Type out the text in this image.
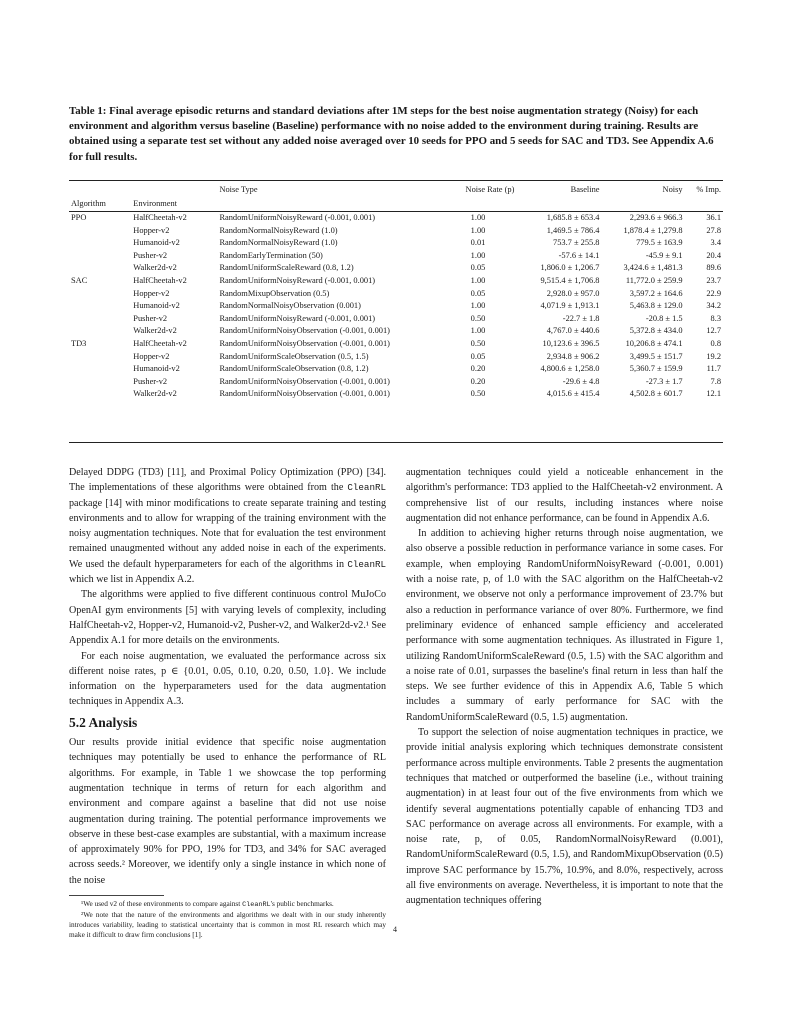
Table 1: Final average episodic returns and standard deviations after 1M steps for the best noise augmentation strategy (Noisy) for each environment and algorithm versus baseline (Baseline) performance with no noise added to the environment during training. Results are obtained using a separate test set without any added noise averaged over 10 seeds for PPO and 5 seeds for SAC and TD3. See Appendix A.6 for full results.

		Noise Type	Noise Rate (p)	Baseline	Noisy	% Imp.
Algorithm	Environment					
PPO	HalfCheetah-v2	RandomUniformNoisyReward (-0.001, 0.001)	1.00	1,685.8 ± 653.4	2,293.6 ± 966.3	36.1
	Hopper-v2	RandomNormalNoisyReward (1.0)	1.00	1,469.5 ± 786.4	1,878.4 ± 1,279.8	27.8
	Humanoid-v2	RandomNormalNoisyReward (1.0)	0.01	753.7 ± 255.8	779.5 ± 163.9	3.4
	Pusher-v2	RandomEarlyTermination (50)	1.00	-57.6 ± 14.1	-45.9 ± 9.1	20.4
	Walker2d-v2	RandomUniformScaleReward (0.8, 1.2)	0.05	1,806.0 ± 1,206.7	3,424.6 ± 1,481.3	89.6
SAC	HalfCheetah-v2	RandomUniformNoisyReward (-0.001, 0.001)	1.00	9,515.4 ± 1,706.8	11,772.0 ± 259.9	23.7
	Hopper-v2	RandomMixupObservation (0.5)	0.05	2,928.0 ± 957.0	3,597.2 ± 164.6	22.9
	Humanoid-v2	RandomNormalNoisyObservation (0.001)	1.00	4,071.9 ± 1,913.1	5,463.8 ± 129.0	34.2
	Pusher-v2	RandomUniformNoisyReward (-0.001, 0.001)	0.50	-22.7 ± 1.8	-20.8 ± 1.5	8.3
	Walker2d-v2	RandomUniformNoisyObservation (-0.001, 0.001)	1.00	4,767.0 ± 440.6	5,372.8 ± 434.0	12.7
TD3	HalfCheetah-v2	RandomUniformNoisyObservation (-0.001, 0.001)	0.50	10,123.6 ± 396.5	10,206.8 ± 474.1	0.8
	Hopper-v2	RandomUniformScaleObservation (0.5, 1.5)	0.05	2,934.8 ± 906.2	3,499.5 ± 151.7	19.2
	Humanoid-v2	RandomUniformScaleObservation (0.8, 1.2)	0.20	4,800.6 ± 1,258.0	5,360.7 ± 159.9	11.7
	Pusher-v2	RandomUniformNoisyObservation (-0.001, 0.001)	0.20	-29.6 ± 4.8	-27.3 ± 1.7	7.8
	Walker2d-v2	RandomUniformNoisyObservation (-0.001, 0.001)	0.50	4,015.6 ± 415.4	4,502.8 ± 601.7	12.1

Delayed DDPG (TD3) [11], and Proximal Policy Optimization (PPO) [34]. The implementations of these algorithms were obtained from the CleanRL package [14] with minor modifications to create separate training and testing environments and to allow for wrapping of the training environment with the noisy augmentation techniques. Note that for evaluation the test environment remained unaugmented without any added noise in each of the experiments. We used the default hyperparameters for each of the algorithms in CleanRL which we list in Appendix A.2.

The algorithms were applied to five different continuous control MuJoCo OpenAI gym environments [5] with varying levels of complexity, including HalfCheetah-v2, Hopper-v2, Humanoid-v2, Pusher-v2, and Walker2d-v2.¹ See Appendix A.1 for more details on the environments.

For each noise augmentation, we evaluated the performance across six different noise rates, p ∈ {0.01, 0.05, 0.10, 0.20, 0.50, 1.0}. We include information on the hyperparameters used for the data augmentation techniques in Appendix A.3.

5.2 Analysis

Our results provide initial evidence that specific noise augmentation techniques may potentially be used to enhance the performance of RL algorithms. For example, in Table 1 we showcase the top performing augmentation technique in terms of return for each algorithm and environment and compare against a baseline that did not use noise augmentation during training. The potential performance improvements we observe in these best-case examples are substantial, with a maximum increase of approximately 90% for PPO, 19% for TD3, and 34% for SAC averaged across seeds.² Moreover, we identify only a single instance in which none of the noise

¹We used v2 of these environments to compare against CleanRL's public benchmarks.

²We note that the nature of the environments and algorithms we dealt with in our study inherently introduces variability, leading to statistical uncertainty that is common in most RL research which may make it difficult to draw firm conclusions [1].

augmentation techniques could yield a noticeable enhancement in the algorithm's performance: TD3 applied to the HalfCheetah-v2 environment. A comprehensive list of our results, including instances where noise augmentation did not enhance performance, can be found in Appendix A.6.

In addition to achieving higher returns through noise augmentation, we also observe a possible reduction in performance variance in some cases. For example, when employing RandomUniformNoisyReward (-0.001, 0.001) with a noise rate, p, of 1.0 with the SAC algorithm on the HalfCheetah-v2 environment, we observe not only a performance improvement of 23.7% but also a reduction in performance variance of over 80%. Furthermore, we find preliminary evidence of enhanced sample efficiency and accelerated performance with some augmentation techniques. As illustrated in Figure 1, utilizing RandomUniformScaleReward (0.5, 1.5) with the SAC algorithm and a noise rate of 0.01, surpasses the baseline's final return in less than half the steps. We see further evidence of this in Appendix A.6, Table 5 which includes a summary of early performance for SAC with the RandomUniformScaleReward (0.5, 1.5) augmentation.

To support the selection of noise augmentation techniques in practice, we provide initial analysis exploring which techniques demonstrate consistent performance across multiple environments. Table 2 presents the augmentation techniques that matched or outperformed the baseline (i.e., without training augmentation) in at least four out of the five environments from which we identify several augmentations potentially capable of enhancing TD3 and SAC performance on average across all environments. For example, with a noise rate, p, of 0.05, RandomNormalNoisyReward (0.001), RandomUniformScaleReward (0.5, 1.5), and RandomMixupObservation (0.5) improve SAC performance by 15.7%, 10.9%, and 8.0%, respectively, across all five environments on average. Nevertheless, it is important to note that the augmentation techniques offering

4
